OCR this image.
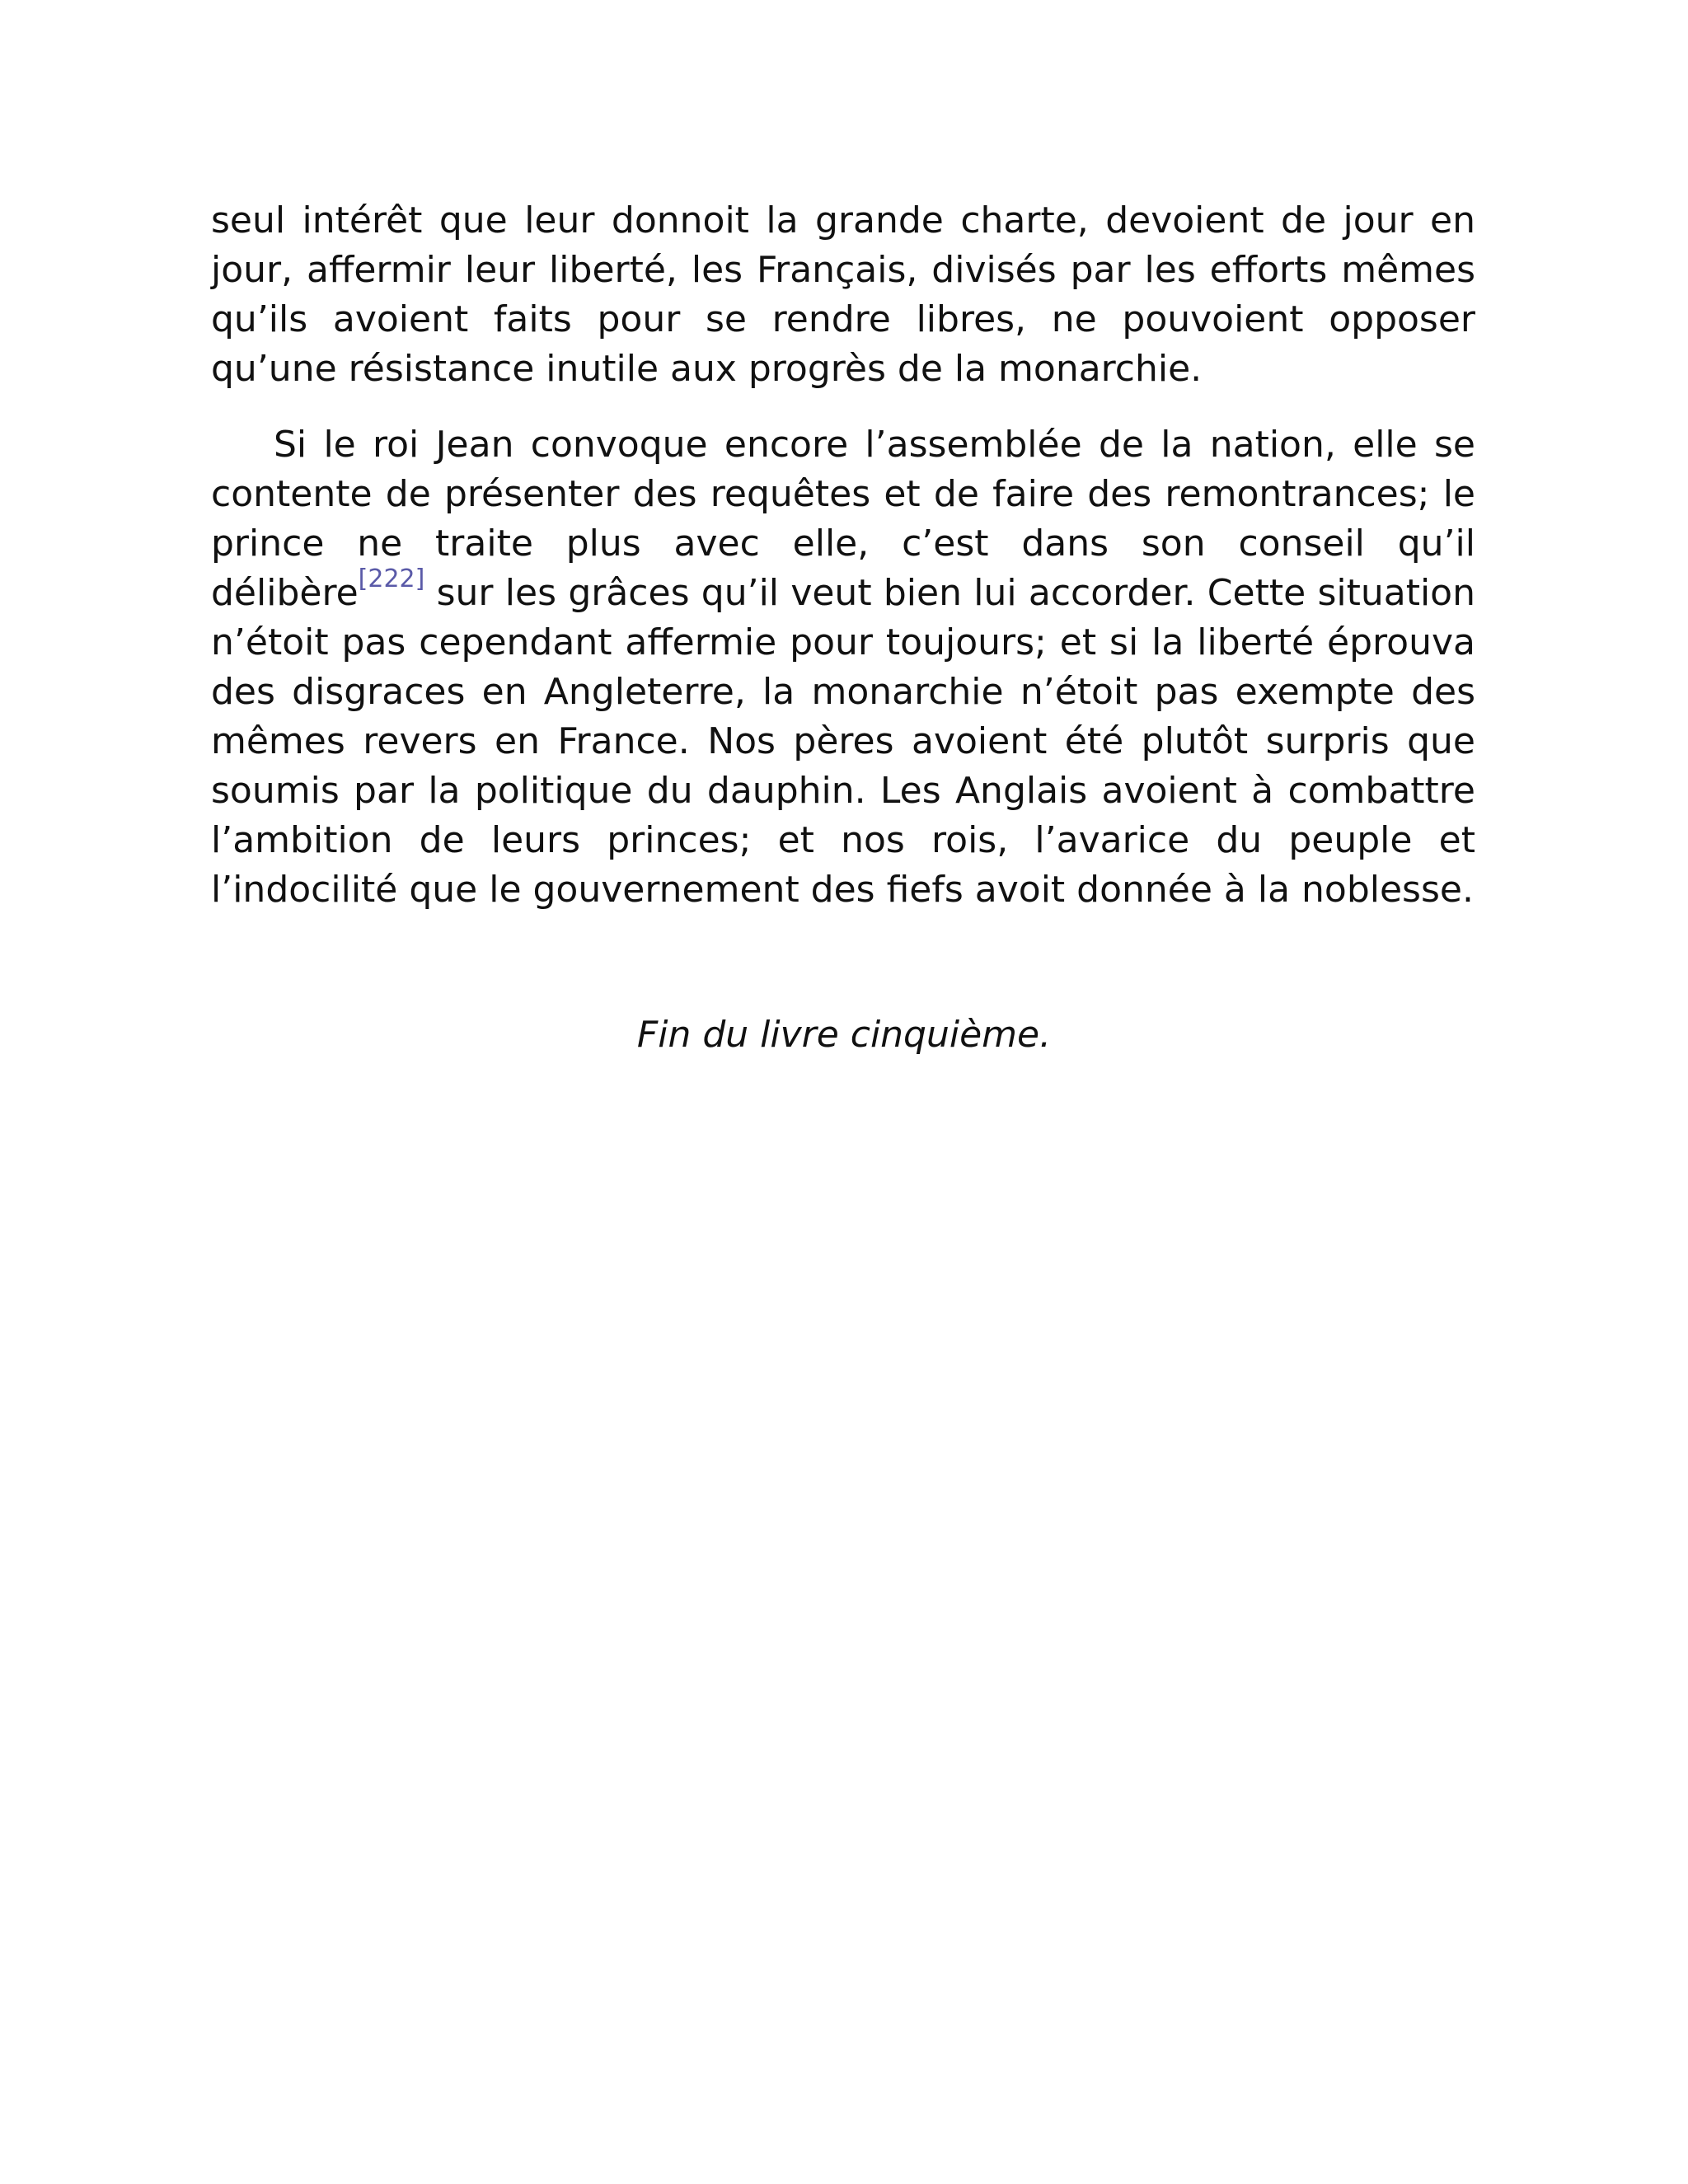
seul intérêt que leur donnoit la grande charte, devoient de jour en jour, affermir leur liberté, les Français, divisés par les efforts mêmes qu’ils avoient faits pour se rendre libres, ne pouvoient opposer qu’une résistance inutile aux progrès de la monarchie.

Si le roi Jean convoque encore l’assemblée de la nation, elle se contente de présenter des requêtes et de faire des remontrances; le prince ne traite plus avec elle, c’est dans son conseil qu’il délibère[222] sur les grâces qu’il veut bien lui accorder. Cette situation n’étoit pas cependant affermie pour toujours; et si la liberté éprouva des disgraces en Angleterre, la monarchie n’étoit pas exempte des mêmes revers en France. Nos pères avoient été plutôt surpris que soumis par la politique du dauphin. Les Anglais avoient à combattre l’ambition de leurs princes; et nos rois, l’avarice du peuple et l’indocilité que le gouvernement des fiefs avoit donnée à la noblesse.

Fin du livre cinquième.
